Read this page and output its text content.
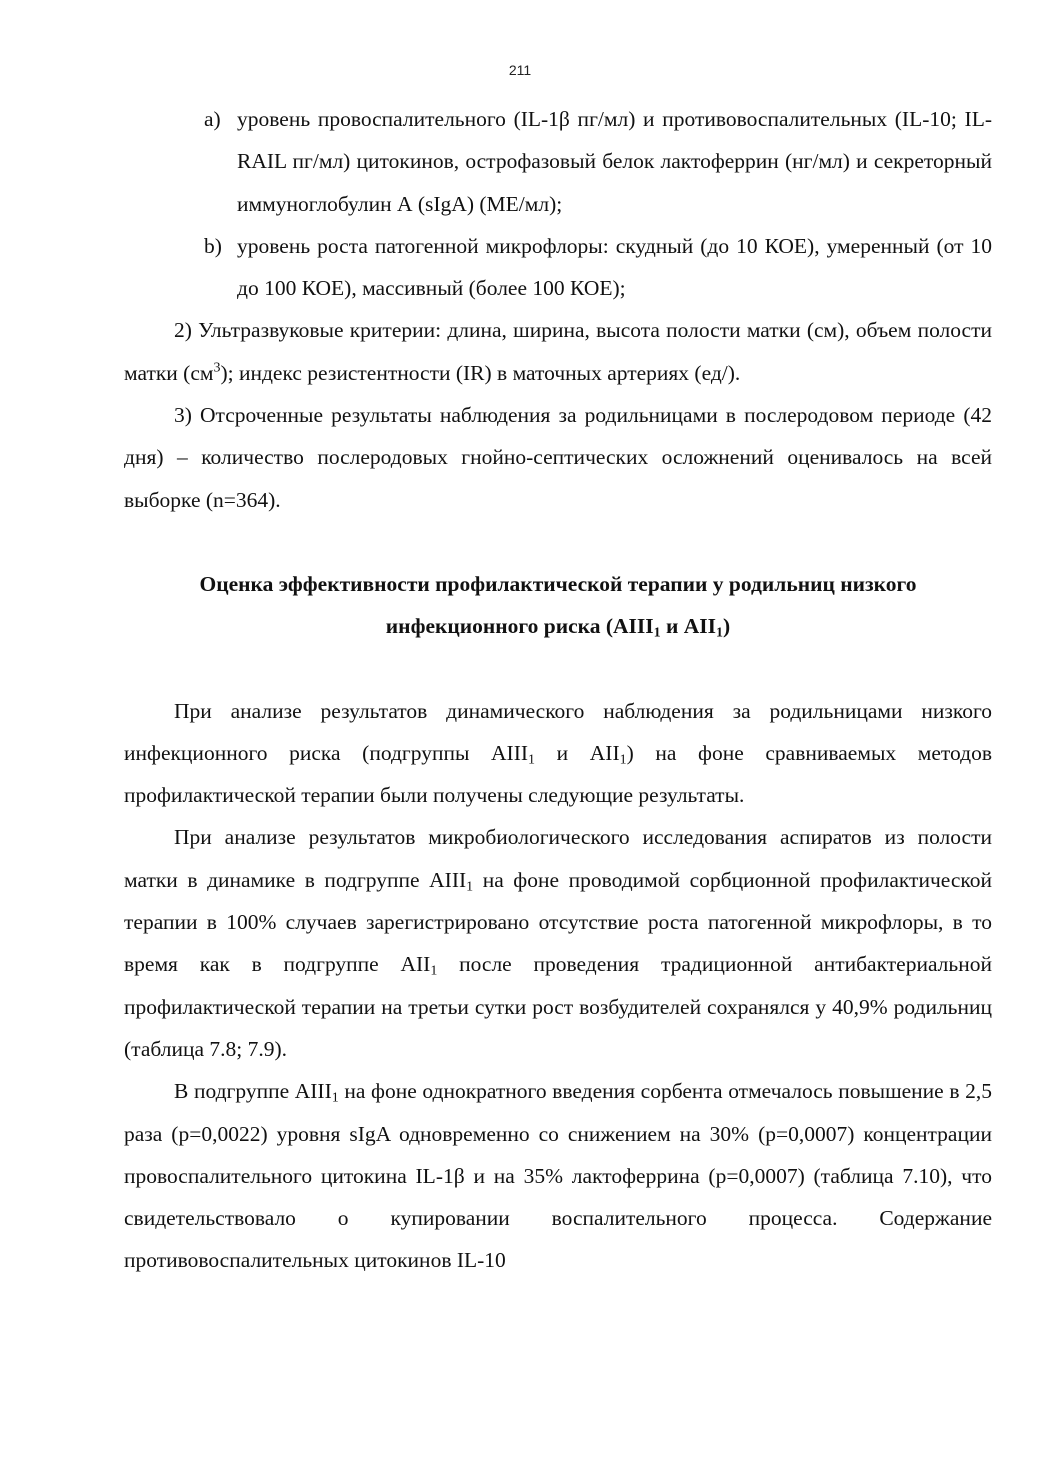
211

a) уровень провоспалительного (IL-1β пг/мл) и противовоспалительных (IL-10; IL-RAIL пг/мл) цитокинов, острофазовый белок лактоферрин (нг/мл) и секреторный иммуноглобулин А (sIgA) (МЕ/мл);

b) уровень роста патогенной микрофлоры: скудный (до 10 КОЕ), умеренный (от 10 до 100 КОЕ), массивный (более 100 КОЕ);

2) Ультразвуковые критерии: длина, ширина, высота полости матки (см), объем полости матки $(см^3)$; индекс резистентности (IR) в маточных артериях (ед/).

3) Отсроченные результаты наблюдения за родильницами в послеродовом периоде (42 дня) – количество послеродовых гнойно-септических осложнений оценивалось на всей выборке (n=364).

Оценка эффективности профилактической терапии у родильниц низкого
инфекционного риска ($AIII_1$ и $AII_1$)

При анализе результатов динамического наблюдения за родильницами низкого инфекционного риска (подгруппы $AIII_1$ и $AII_1$) на фоне сравниваемых методов профилактической терапии были получены следующие результаты.

При анализе результатов микробиологического исследования аспиратов из полости матки в динамике в подгруппе $AIII_1$ на фоне проводимой сорбционной профилактической терапии в 100% случаев зарегистрировано отсутствие роста патогенной микрофлоры, в то время как в подгруппе $AII_1$ после проведения традиционной антибактериальной профилактической терапии на третьи сутки рост возбудителей сохранялся у 40,9% родильниц (таблица 7.8; 7.9).

В подгруппе $AIII_1$ на фоне однократного введения сорбента отмечалось повышение в 2,5 раза (p=0,0022) уровня sIgA одновременно со снижением на 30% (p=0,0007) концентрации провоспалительного цитокина IL-1β и на 35% лактоферрина (p=0,0007) (таблица 7.10), что свидетельствовало о купировании воспалительного процесса. Содержание противовоспалительных цитокинов IL-10
